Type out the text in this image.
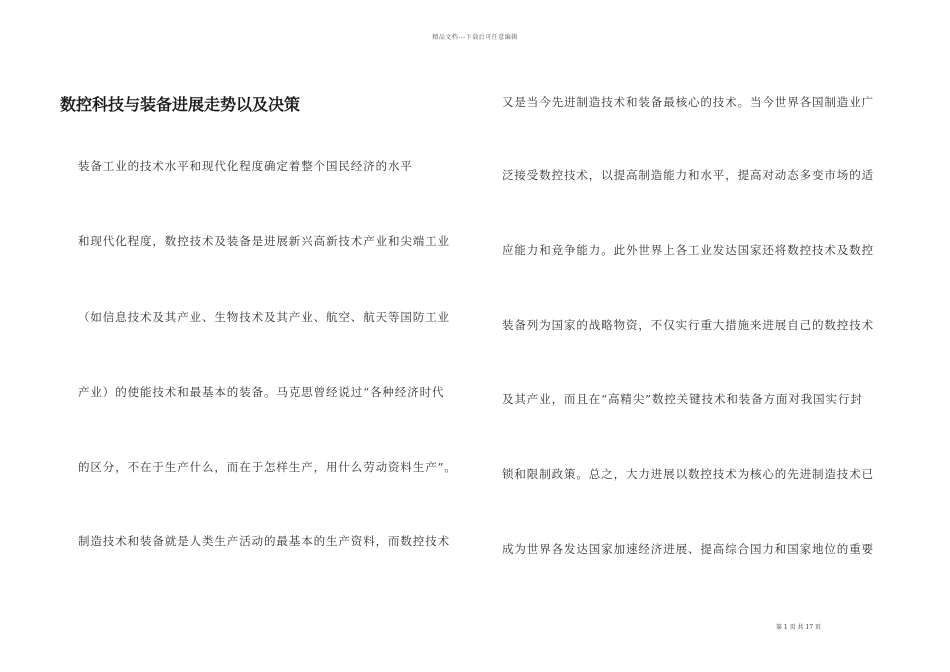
精品文档---下载后可任意编辑
数控科技与装备进展走势以及决策
装备工业的技术水平和现代化程度确定着整个国民经济的水平
和现代化程度，数控技术及装备是进展新兴高新技术产业和尖端工业
（如信息技术及其产业、生物技术及其产业、航空、航天等国防工业
产业）的使能技术和最基本的装备。马克思曾经说过“各种经济时代
的区分，不在于生产什么，而在于怎样生产，用什么劳动资料生产”。
制造技术和装备就是人类生产活动的最基本的生产资料，而数控技术
又是当今先进制造技术和装备最核心的技术。当今世界各国制造业广
泛接受数控技术，以提高制造能力和水平，提高对动态多变市场的适
应能力和竞争能力。此外世界上各工业发达国家还将数控技术及数控
装备列为国家的战略物资，不仅实行重大措施来进展自己的数控技术
及其产业，而且在“高精尖”数控关键技术和装备方面对我国实行封
锁和限制政策。总之，大力进展以数控技术为核心的先进制造技术已
成为世界各发达国家加速经济进展、提高综合国力和国家地位的重要
第 1 页 共 17 页
